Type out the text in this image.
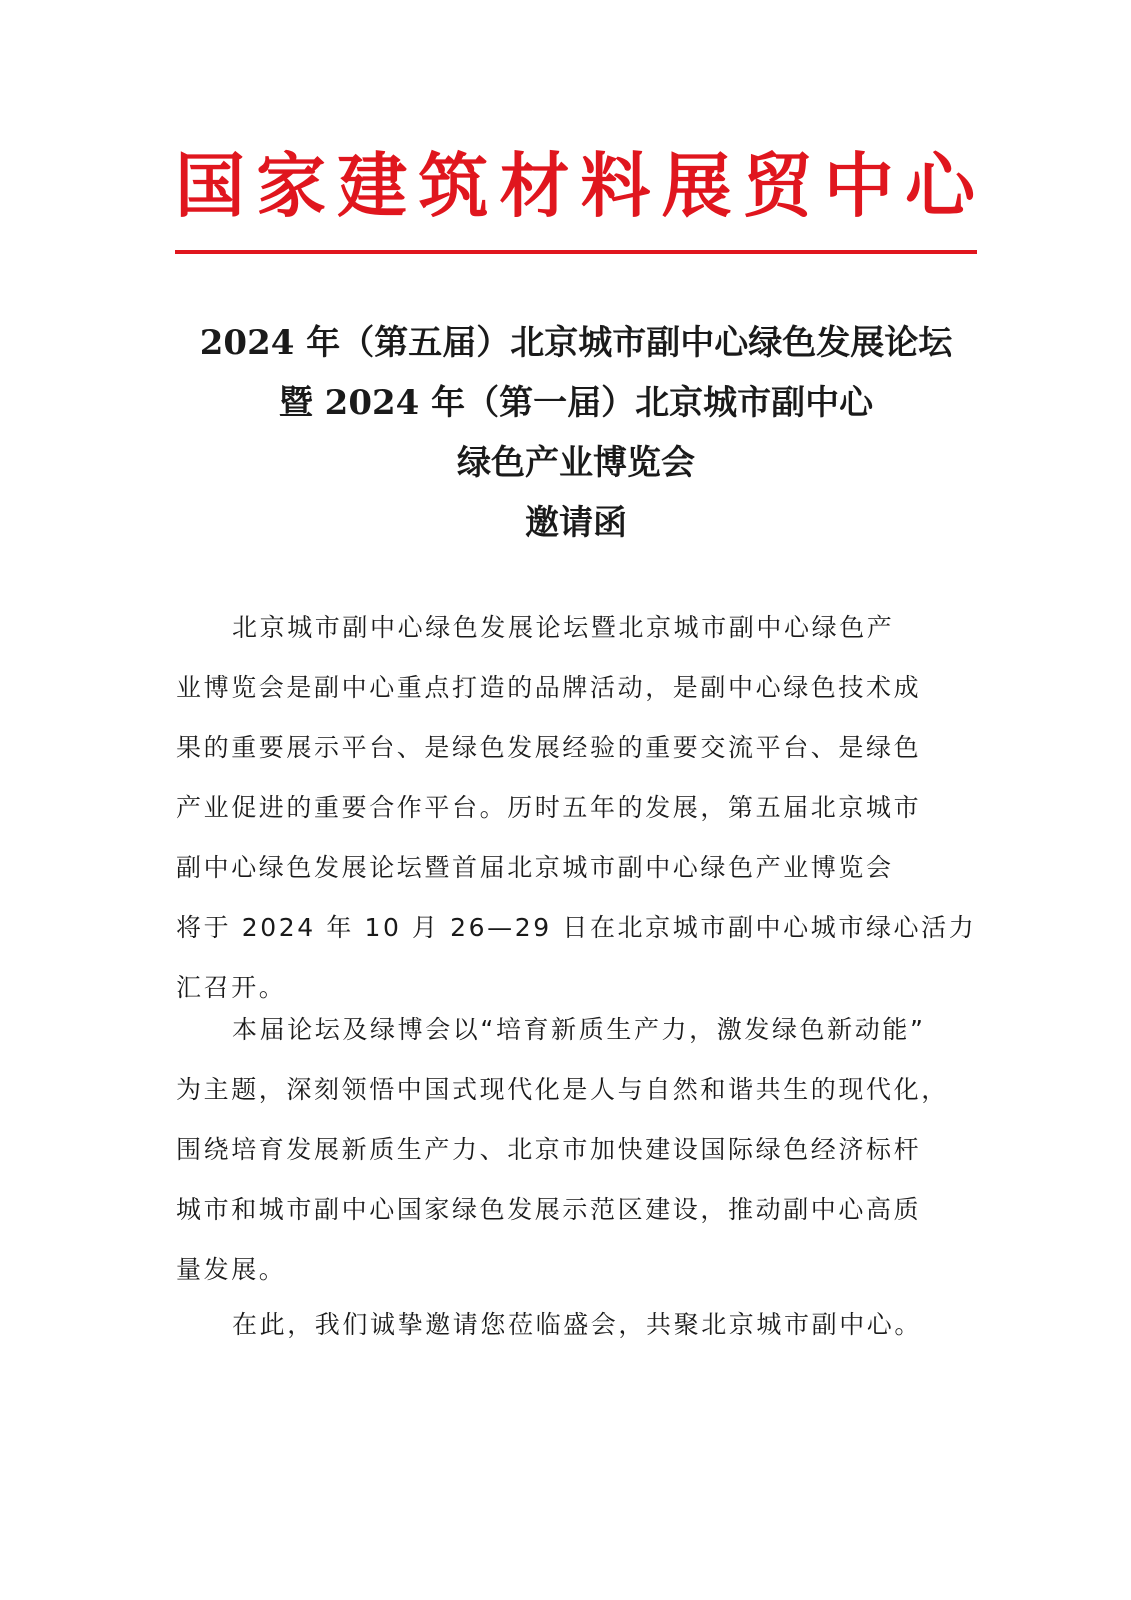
国家建筑材料展贸中心
2024 年（第五届）北京城市副中心绿色发展论坛
暨 2024 年（第一届）北京城市副中心
绿色产业博览会
邀请函
北京城市副中心绿色发展论坛暨北京城市副中心绿色产
业博览会是副中心重点打造的品牌活动，是副中心绿色技术成
果的重要展示平台、是绿色发展经验的重要交流平台、是绿色
产业促进的重要合作平台。历时五年的发展，第五届北京城市
副中心绿色发展论坛暨首届北京城市副中心绿色产业博览会
将于 2024 年 10 月 26—29 日在北京城市副中心城市绿心活力
汇召开。
本届论坛及绿博会以“培育新质生产力，激发绿色新动能”
为主题，深刻领悟中国式现代化是人与自然和谐共生的现代化，
围绕培育发展新质生产力、北京市加快建设国际绿色经济标杆
城市和城市副中心国家绿色发展示范区建设，推动副中心高质
量发展。
在此，我们诚挚邀请您莅临盛会，共聚北京城市副中心。
